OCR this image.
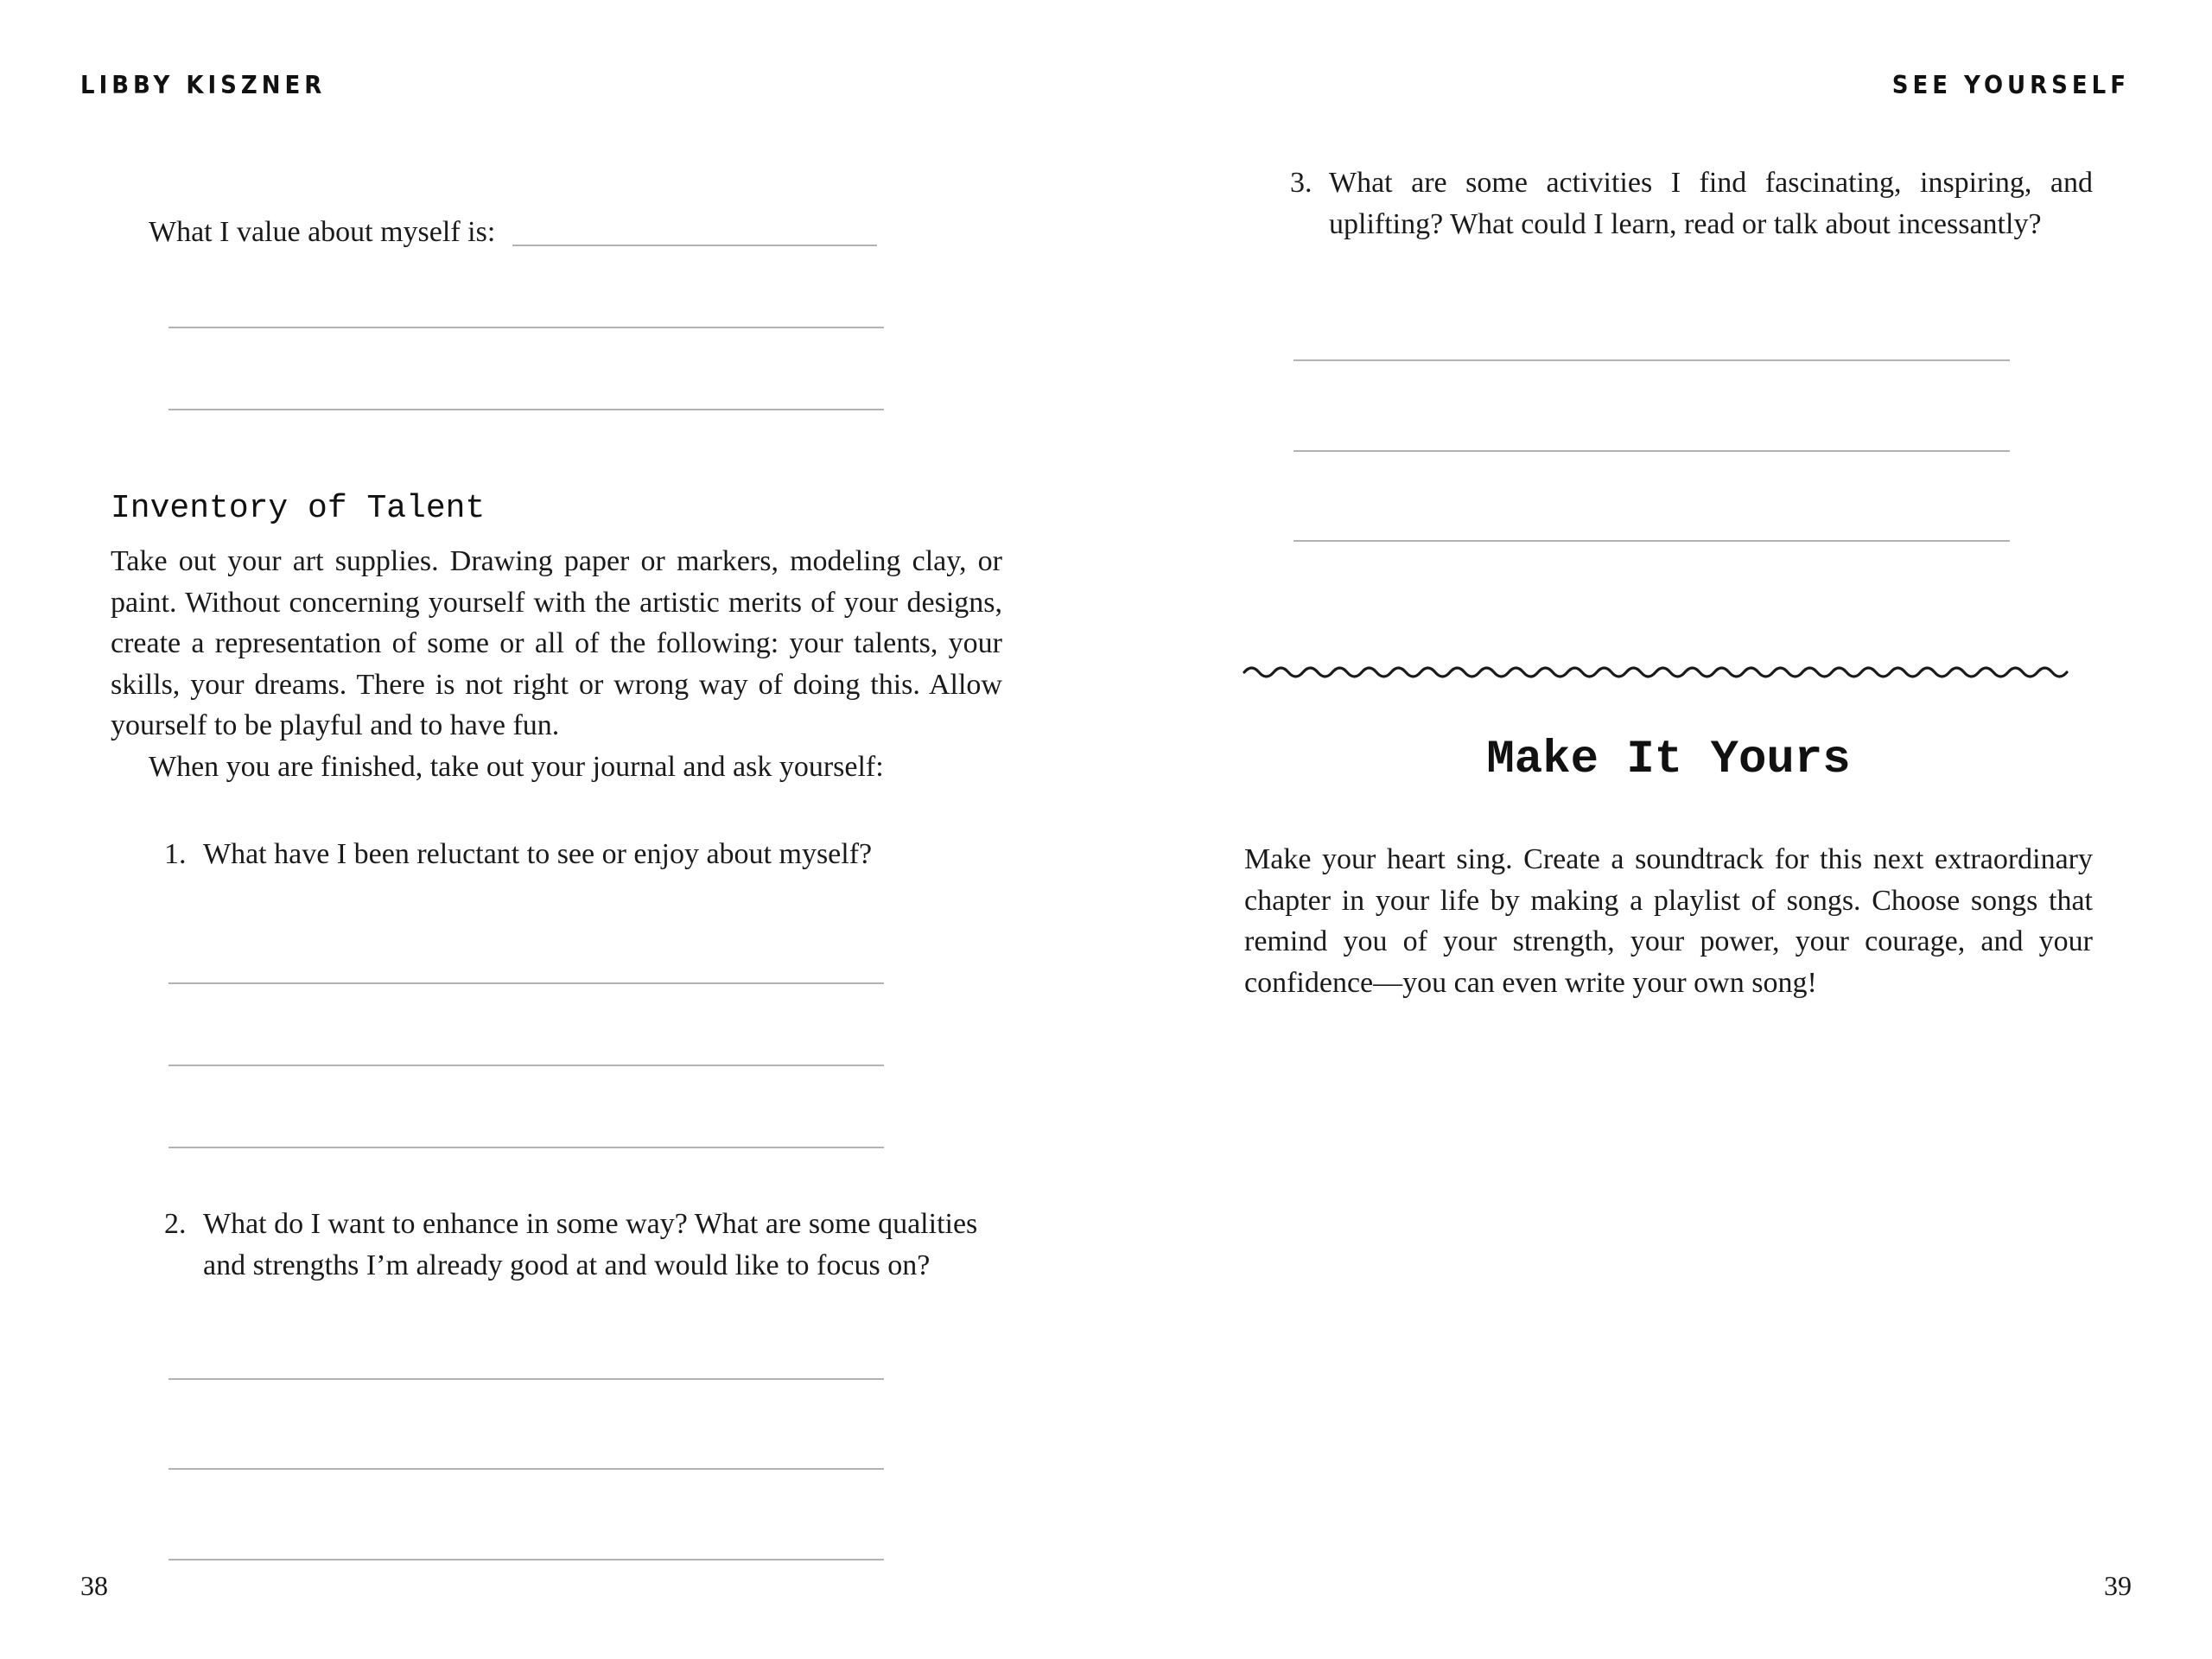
LIBBY KISZNER
What I value about myself is:
Inventory of Talent
Take out your art supplies. Drawing paper or markers, modeling clay, or paint. Without concerning yourself with the artistic merits of your designs, create a representation of some or all of the following: your talents, your skills, your dreams. There is not right or wrong way of doing this. Allow yourself to be playful and to have fun.
When you are finished, take out your journal and ask yourself:
1. What have I been reluctant to see or enjoy about myself?
2. What do I want to enhance in some way? What are some qualities and strengths I’m already good at and would like to focus on?
38
SEE YOURSELF
3. What are some activities I find fascinating, inspiring, and uplifting? What could I learn, read or talk about incessantly?
Make It Yours
Make your heart sing. Create a soundtrack for this next extraordinary chapter in your life by making a playlist of songs. Choose songs that remind you of your strength, your power, your courage, and your confidence—you can even write your own song!
39
